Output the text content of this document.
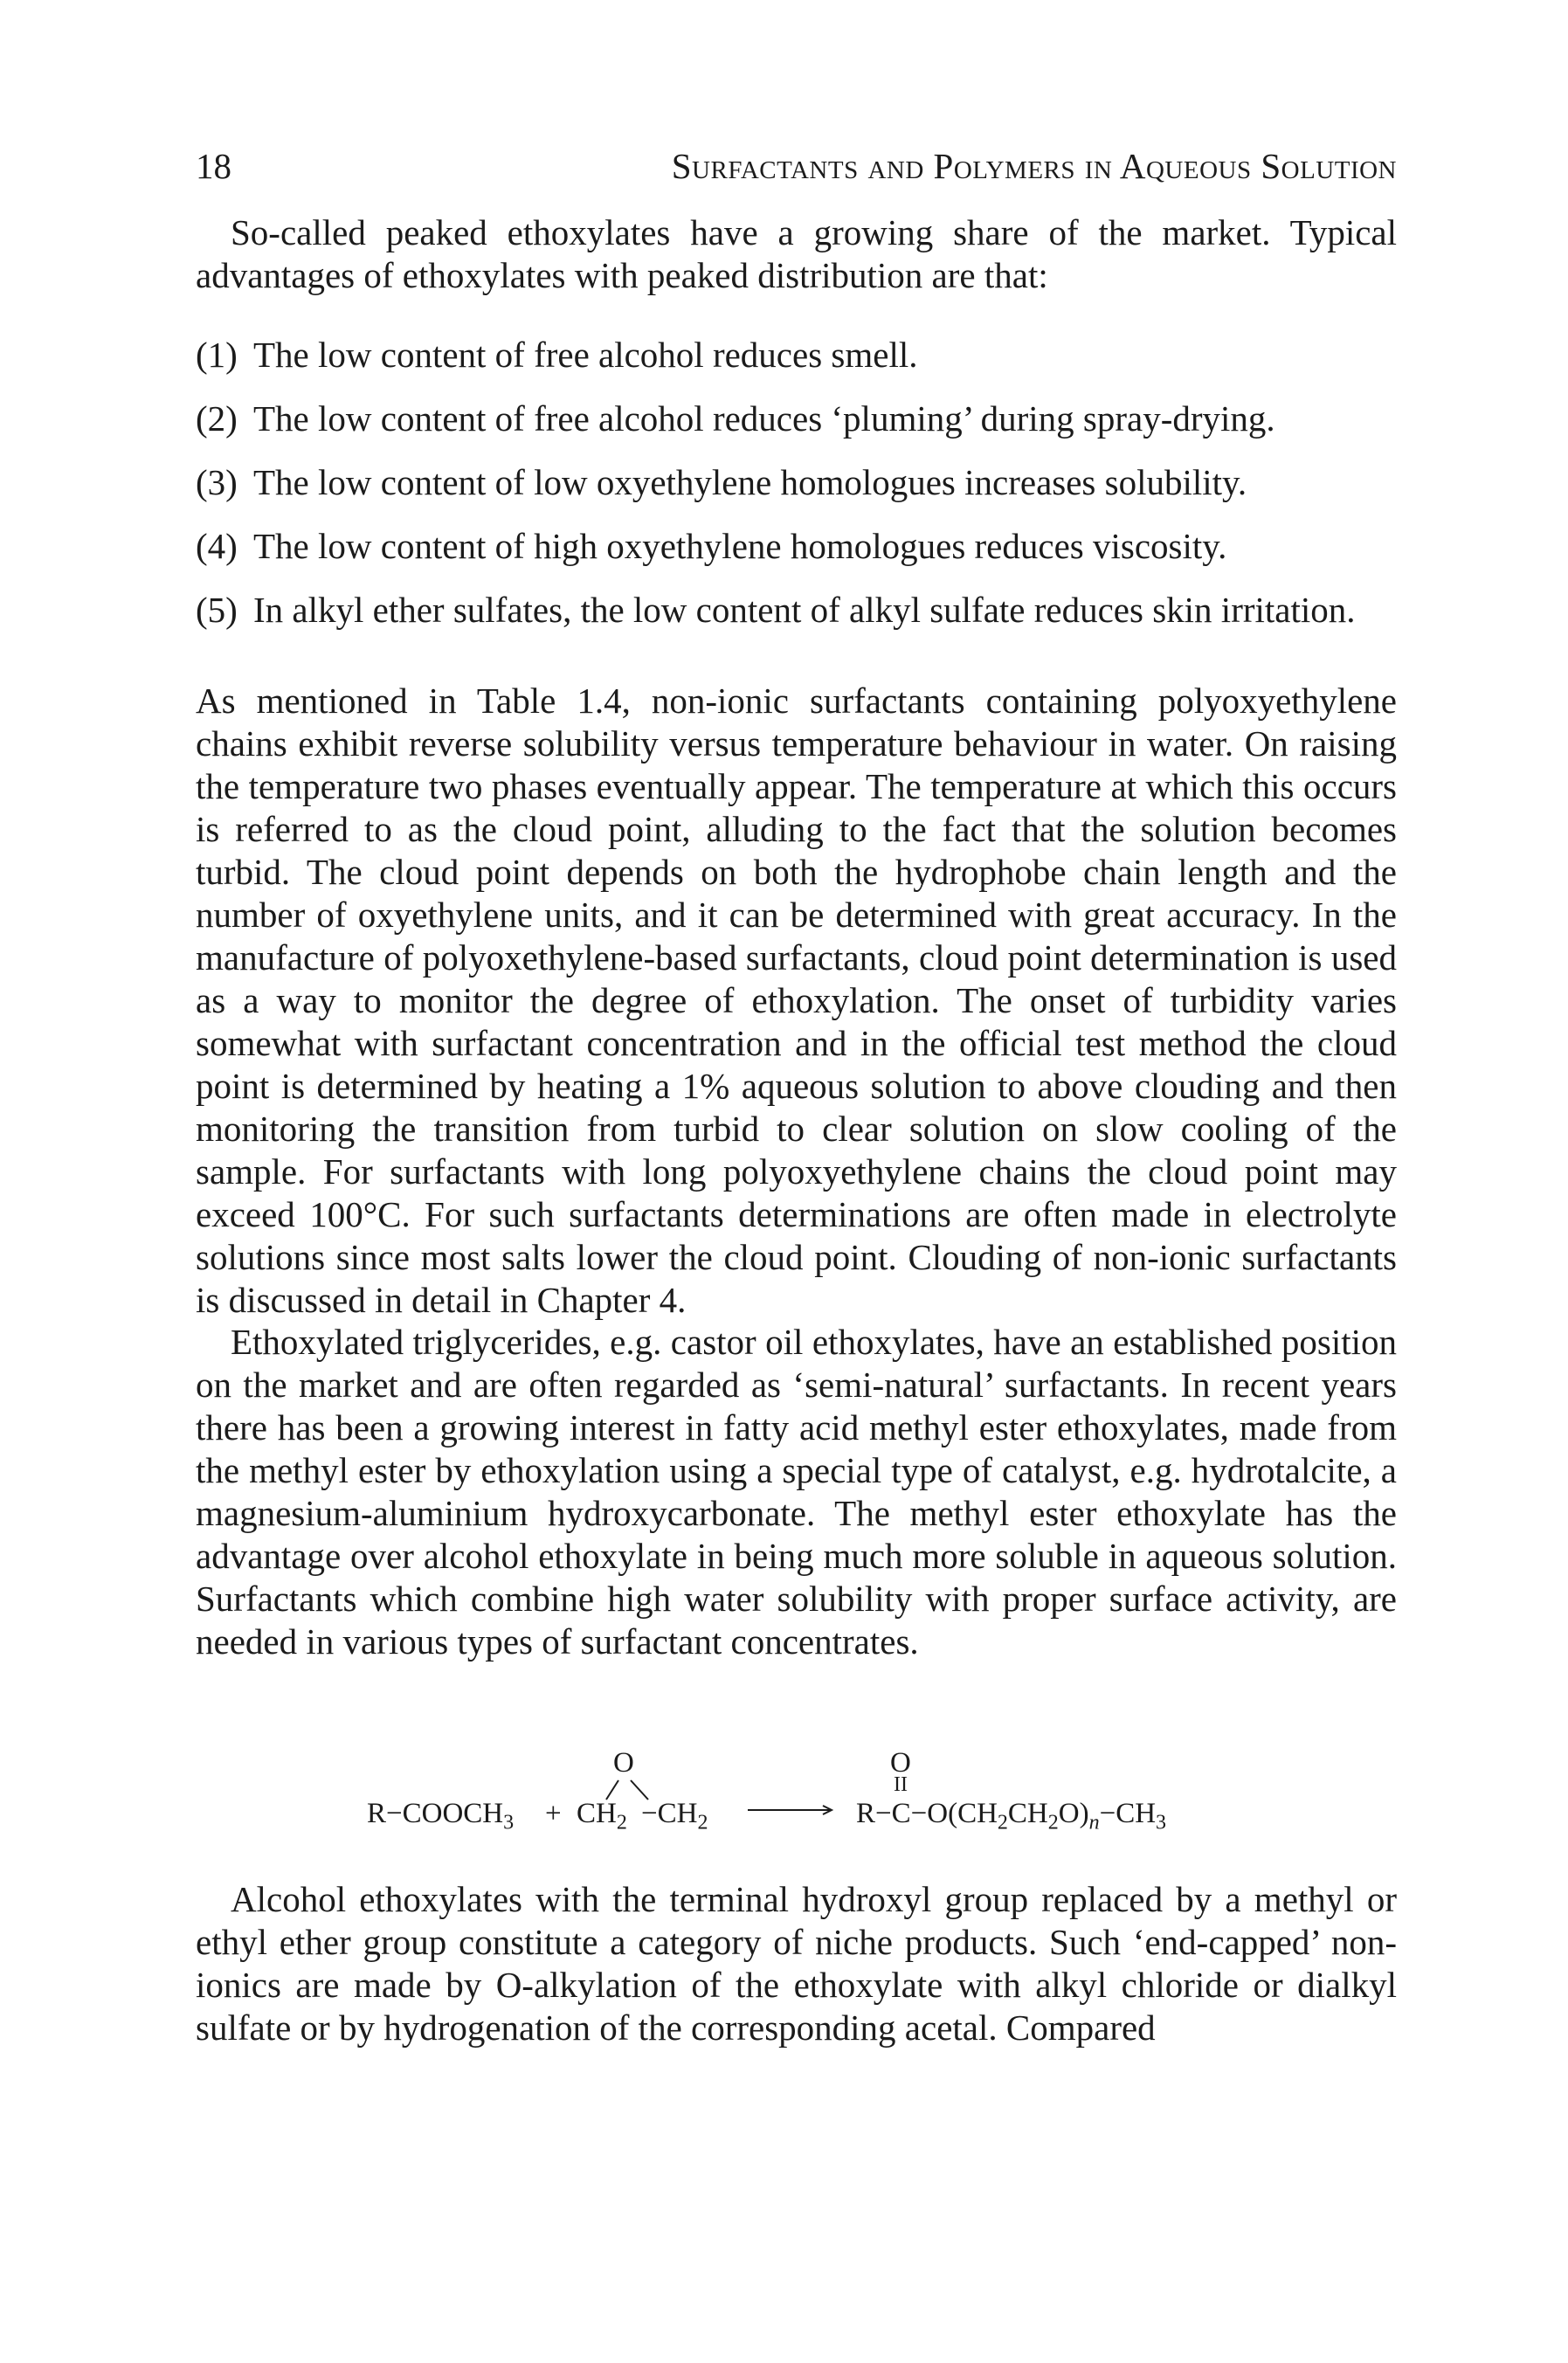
18	Surfactants and Polymers in Aqueous Solution

So-called peaked ethoxylates have a growing share of the market. Typical advantages of ethoxylates with peaked distribution are that:

(1) The low content of free alcohol reduces smell.
(2) The low content of free alcohol reduces ‘pluming’ during spray-drying.
(3) The low content of low oxyethylene homologues increases solubility.
(4) The low content of high oxyethylene homologues reduces viscosity.
(5) In alkyl ether sulfates, the low content of alkyl sulfate reduces skin irritation.

As mentioned in Table 1.4, non-ionic surfactants containing polyoxyethylene chains exhibit reverse solubility versus temperature behaviour in water. On raising the temperature two phases eventually appear. The temperature at which this occurs is referred to as the cloud point, alluding to the fact that the solution becomes turbid. The cloud point depends on both the hydrophobe chain length and the number of oxyethylene units, and it can be determined with great accuracy. In the manufacture of polyoxethylene-based surfactants, cloud point determination is used as a way to monitor the degree of ethoxylation. The onset of turbidity varies somewhat with surfactant concentration and in the official test method the cloud point is determined by heating a 1% aqueous solution to above clouding and then monitoring the transition from turbid to clear solution on slow cooling of the sample. For surfactants with long polyoxyethylene chains the cloud point may exceed 100°C. For such surfactants determinations are often made in electrolyte solutions since most salts lower the cloud point. Clouding of non-ionic surfactants is discussed in detail in Chapter 4.

Ethoxylated triglycerides, e.g. castor oil ethoxylates, have an established position on the market and are often regarded as ‘semi-natural’ surfactants. In recent years there has been a growing interest in fatty acid methyl ester ethoxylates, made from the methyl ester by ethoxylation using a special type of catalyst, e.g. hydrotalcite, a magnesium-aluminium hydroxycarbonate. The methyl ester ethoxylate has the advantage over alcohol ethoxylate in being much more soluble in aqueous solution. Surfactants which combine high water solubility with proper surface activity, are needed in various types of surfactant concentrates.

$R-COOCH_3$ +
O
$CH_2 -CH_2$
O
II
$R-C-O(CH_2CH_2O)_n-CH_3$

Alcohol ethoxylates with the terminal hydroxyl group replaced by a methyl or ethyl ether group constitute a category of niche products. Such ‘end-capped’ non-ionics are made by O-alkylation of the ethoxylate with alkyl chloride or dialkyl sulfate or by hydrogenation of the corresponding acetal. Compared
